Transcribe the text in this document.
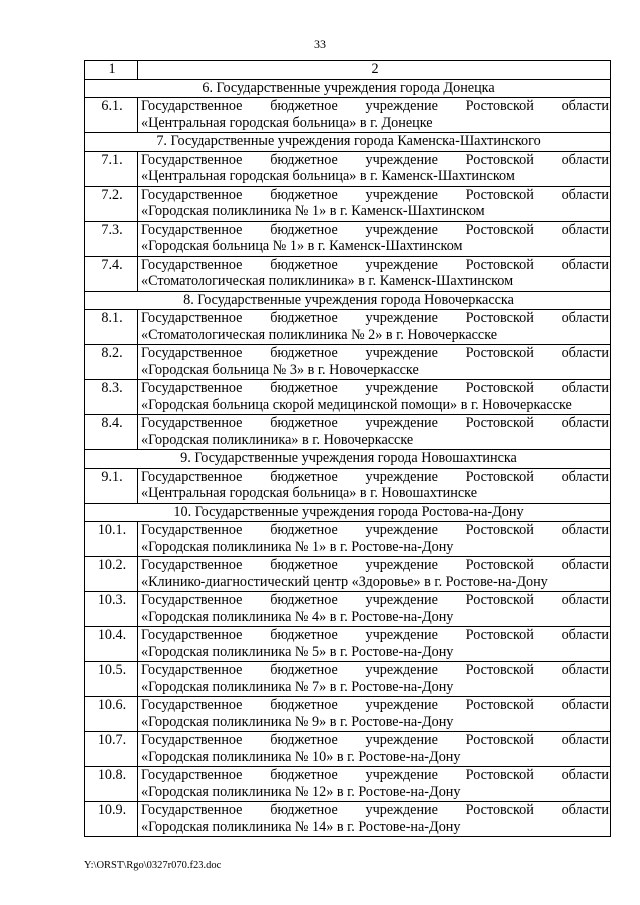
33
1	2
6. Государственные учреждения города Донецка	
6.1.	Государственное бюджетное учреждение Ростовской области
«Центральная городская больница» в г. Донецке

7. Государственные учреждения города Каменска-Шахтинского	
7.1.	Государственное бюджетное учреждение Ростовской области
«Центральная городская больница» в г. Каменск-Шахтинском

7.2.	Государственное бюджетное учреждение Ростовской области
«Городская поликлиника № 1» в г. Каменск-Шахтинском

7.3.	Государственное бюджетное учреждение Ростовской области
«Городская больница № 1» в г. Каменск-Шахтинском

7.4.	Государственное бюджетное учреждение Ростовской области
«Стоматологическая поликлиника» в г. Каменск-Шахтинском

8. Государственные учреждения города Новочеркасска	
8.1.	Государственное бюджетное учреждение Ростовской области
«Стоматологическая поликлиника № 2» в г. Новочеркасске

8.2.	Государственное бюджетное учреждение Ростовской области
«Городская больница № 3» в г. Новочеркасске

8.3.	Государственное бюджетное учреждение Ростовской области
«Городская больница скорой медицинской помощи» в г. Новочеркасске

8.4.	Государственное бюджетное учреждение Ростовской области
«Городская поликлиника» в г. Новочеркасске

9. Государственные учреждения города Новошахтинска	
9.1.	Государственное бюджетное учреждение Ростовской области
«Центральная городская больница» в г. Новошахтинске

10. Государственные учреждения города Ростова-на-Дону	
10.1.	Государственное бюджетное учреждение Ростовской области
«Городская поликлиника № 1» в г. Ростове-на-Дону

10.2.	Государственное бюджетное учреждение Ростовской области
«Клинико-диагностический центр «Здоровье» в г. Ростове-на-Дону

10.3.	Государственное бюджетное учреждение Ростовской области
«Городская поликлиника № 4» в г. Ростове-на-Дону

10.4.	Государственное бюджетное учреждение Ростовской области
«Городская поликлиника № 5» в г. Ростове-на-Дону

10.5.	Государственное бюджетное учреждение Ростовской области
«Городская поликлиника № 7» в г. Ростове-на-Дону

10.6.	Государственное бюджетное учреждение Ростовской области
«Городская поликлиника № 9» в г. Ростове-на-Дону

10.7.	Государственное бюджетное учреждение Ростовской области
«Городская поликлиника № 10» в г. Ростове-на-Дону

10.8.	Государственное бюджетное учреждение Ростовской области
«Городская поликлиника № 12» в г. Ростове-на-Дону

10.9.	Государственное бюджетное учреждение Ростовской области
«Городская поликлиника № 14» в г. Ростове-на-Дону
Y:\ORST\Rgo\0327r070.f23.doc
